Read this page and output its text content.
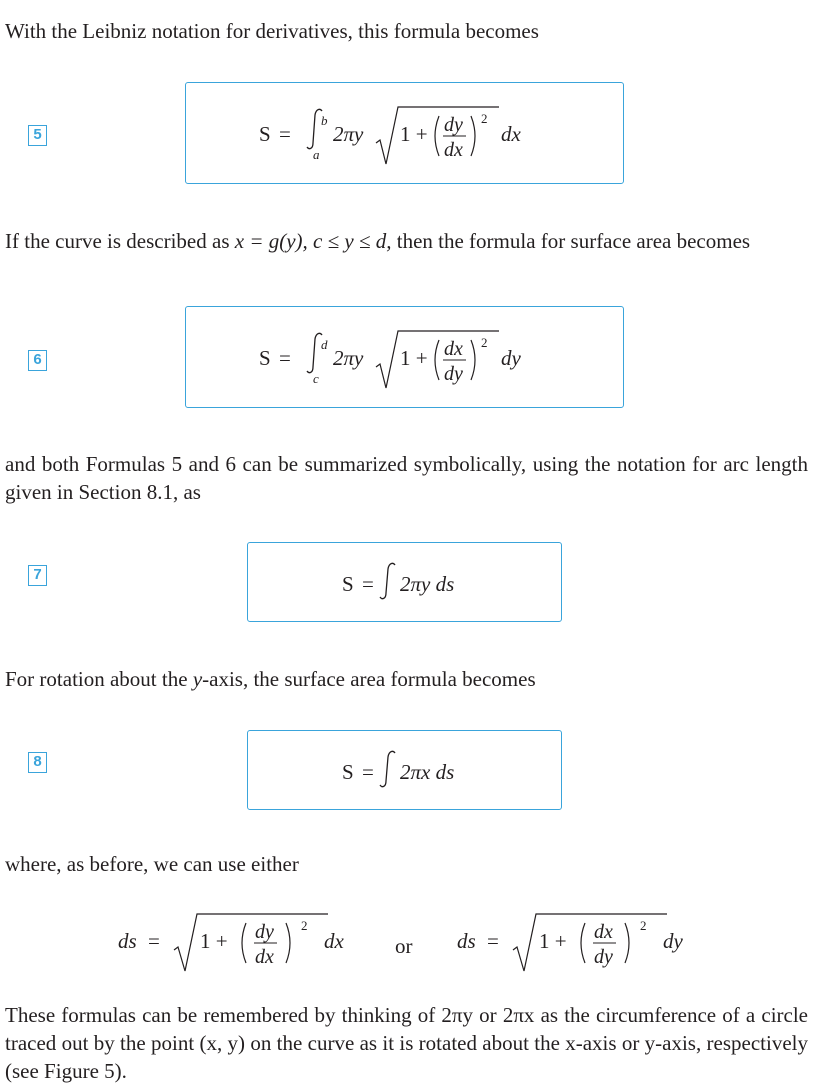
With the Leibniz notation for derivatives, this formula becomes
5	S =
b
a
2πy 1 + dy
dx
2
dx
If the curve is described as x = g(y), c ≤ y ≤ d, then the formula for surface area becomes
6	S =
d
c
2πy 1 + dx
dy
2
dy
and both Formulas 5 and 6 can be summarized symbolically, using the notation for arc length given in Section 8.1, as
7	S = 2πy ds
For rotation about the y-axis, the surface area formula becomes
8	S = 2πx ds
where, as before, we can use either
ds = 1 + dy
dx
2
dx or	ds = 1 + dx
dy
2
dy
These formulas can be remembered by thinking of 2πy or 2πx as the circumference of a circle traced out by the point (x, y) on the curve as it is rotated about the x-axis or y-axis, respectively (see Figure 5).
